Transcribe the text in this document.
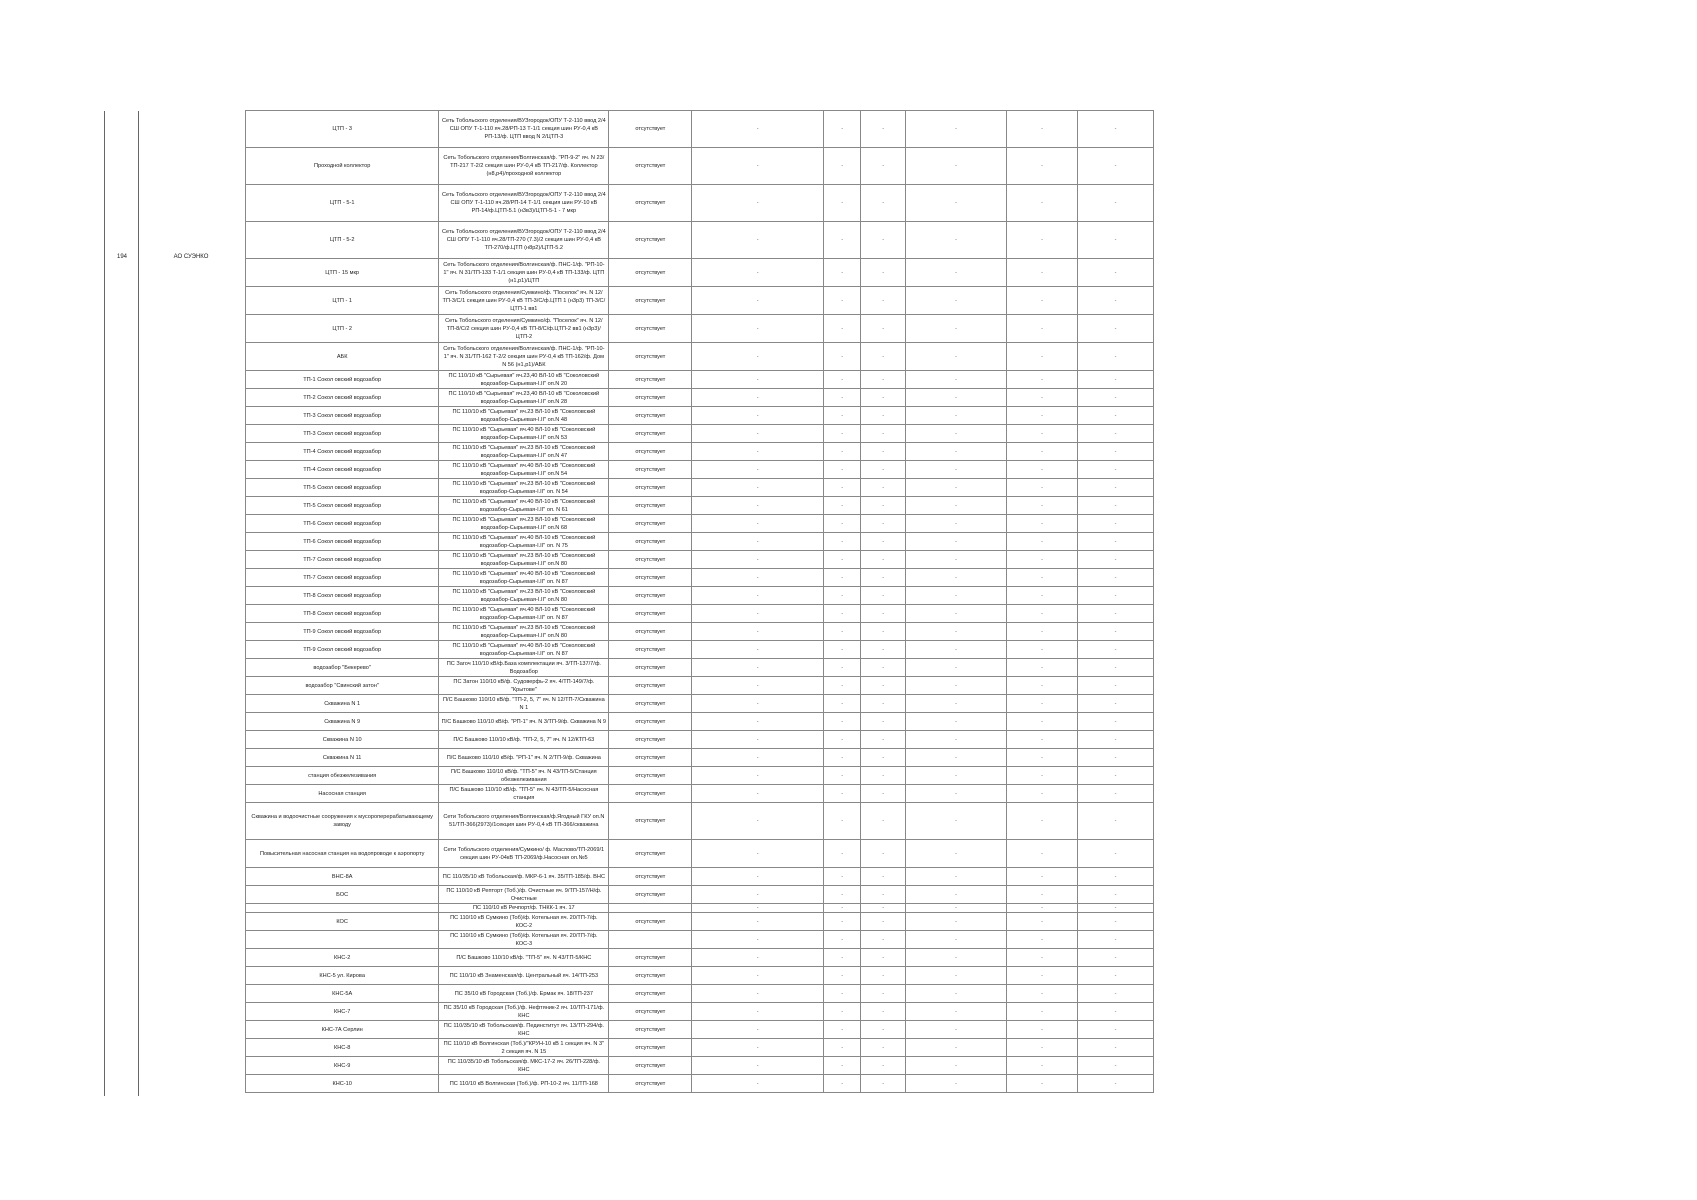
194	АО СУЭНКО
ЦТП - 3	Сеть Тобольского отделения/ВУЗгородок/ОПУ Т-2-110 ввод 2/4 СШ ОПУ Т-1-110 яч.28/РП-13 Т-1/1 секция шин РУ-0,4 кВ РП-13/ф. ЦТП ввод N 2/ЦТП-3	отсутствует	-	-	-	-	-	-
Проходной коллектор	Сеть Тобольского отделения/Волгинская/ф. "РП-9-2" яч. N 23/ТП-217 Т-2/2 секция шин РУ-0,4 кВ ТП-217/ф. Коллектор (н8,р4)/проходной коллектор	отсутствует	-	-	-	-	-	-
ЦТП - 5-1	Сеть Тобольского отделения/ВУЗгородок/ОПУ Т-2-110 ввод 2/4 СШ ОПУ Т-1-110 яч.28/РП-14 Т-1/1 секция шин РУ-10 кВ РП-14/ф.ЦТП-5.1 (н3в3)/ЦТП-5-1 - 7 мкр	отсутствует	-	-	-	-	-	-
ЦТП - 5-2	Сеть Тобольского отделения/ВУЗгородок/ОПУ Т-2-110 ввод 2/4 СШ ОПУ Т-1-110 яч.28/ТП-270 (7.3)/2 секция шин РУ-0,4 кВ ТП-270/ф.ЦТП (н8р2)/ЦТП-5.2	отсутствует	-	-	-	-	-	-
ЦТП - 15 мкр	Сеть Тобольского отделения/Волгинская/ф. ПНС-1/ф. "РП-10-1" яч. N 31/ТП-133 Т-1/1 секция шин РУ-0,4 кВ ТП-133/ф. ЦТП (н1,р1)/ЦТП	отсутствует	-	-	-	-	-	-
ЦТП - 1	Сеть Тобольского отделения/Сумкино/ф. "Поселок" яч. N 12/ТП-3/С/1 секция шин РУ-0,4 кВ ТП-3/С/ф.ЦТП 1 (н3р3) ТП-3/С/ЦТП-1 вв1	отсутствует	-	-	-	-	-	-
ЦТП - 2	Сеть Тобольского отделения/Сумкино/ф. "Поселок" яч. N 12/ТП-8/С/2 секция шин РУ-0,4 кВ ТП-8/С/ф.ЦТП-2 вв1 (н3р3)/ЦТП-2	отсутствует	-	-	-	-	-	-
АБК	Сеть Тобольского отделения/Волгинская/ф. ПНС-1/ф. "РП-10-1" яч. N 31/ТП-162 Т-2/2 секция шин РУ-0,4 кВ ТП-162/ф. Дом N 56 (н1,р1)/АБК	отсутствует	-	-	-	-	-	-
ТП-1 Сокол овский водозабор	ПС 110/10 кВ "Сырьевая" яч.23,40 ВЛ-10 кВ "Соколовский водозабор-Сырьевая-I.II" оп.N 20	отсутствует	-	-	-	-	-	-
ТП-2 Сокол овский водозабор	ПС 110/10 кВ "Сырьевая" яч.23,40 ВЛ-10 кВ "Соколовский водозабор-Сырьевая-I.II" оп.N 28	отсутствует	-	-	-	-	-	-
ТП-3 Сокол овский водозабор	ПС 110/10 кВ "Сырьевая" яч.23 ВЛ-10 кВ "Соколовский водозабор-Сырьевая-I.II" оп.N 48	отсутствует	-	-	-	-	-	-
ТП-3 Сокол овский водозабор	ПС 110/10 кВ "Сырьевая" яч.40 ВЛ-10 кВ "Соколовский водозабор-Сырьевая-I.II" оп.N 53	отсутствует	-	-	-	-	-	-
ТП-4 Сокол овский водозабор	ПС 110/10 кВ "Сырьевая" яч.23 ВЛ-10 кВ "Соколовский водозабор-Сырьевая-I.II" оп.N 47	отсутствует	-	-	-	-	-	-
ТП-4 Сокол овский водозабор	ПС 110/10 кВ "Сырьевая" яч.40 ВЛ-10 кВ "Соколовский водозабор-Сырьевая-I.II" оп.N 54	отсутствует	-	-	-	-	-	-
ТП-5 Сокол овский водозабор	ПС 110/10 кВ "Сырьевая" яч.23 ВЛ-10 кВ "Соколовский водозабор-Сырьевая-I.II" оп. N 54	отсутствует	-	-	-	-	-	-
ТП-5 Сокол овский водозабор	ПС 110/10 кВ "Сырьевая" яч.40 ВЛ-10 кВ "Соколовский водозабор-Сырьевая-I.II" оп. N 61	отсутствует	-	-	-	-	-	-
ТП-6 Сокол овский водозабор	ПС 110/10 кВ "Сырьевая" яч.23 ВЛ-10 кВ "Соколовский водозабор-Сырьевая-I.II" оп.N 68	отсутствует	-	-	-	-	-	-
ТП-6 Сокол овский водозабор	ПС 110/10 кВ "Сырьевая" яч.40 ВЛ-10 кВ "Соколовский водозабор-Сырьевая-I.II" оп. N 75	отсутствует	-	-	-	-	-	-
ТП-7 Сокол овский водозабор	ПС 110/10 кВ "Сырьевая" яч.23 ВЛ-10 кВ "Соколовский водозабор-Сырьевая-I.II" оп.N 80	отсутствует	-	-	-	-	-	-
ТП-7 Сокол овский водозабор	ПС 110/10 кВ "Сырьевая" яч.40 ВЛ-10 кВ "Соколовский водозабор-Сырьевая-I.II" оп. N 87	отсутствует	-	-	-	-	-	-
ТП-8 Сокол овский водозабор	ПС 110/10 кВ "Сырьевая" яч.23 ВЛ-10 кВ "Соколовский водозабор-Сырьевая-I.II" оп.N 80	отсутствует	-	-	-	-	-	-
ТП-8 Сокол овский водозабор	ПС 110/10 кВ "Сырьевая" яч.40 ВЛ-10 кВ "Соколовский водозабор-Сырьевая-I.II" оп. N 87	отсутствует	-	-	-	-	-	-
ТП-9 Сокол овский водозабор	ПС 110/10 кВ "Сырьевая" яч.23 ВЛ-10 кВ "Соколовский водозабор-Сырьевая-I.II" оп.N 80	отсутствует	-	-	-	-	-	-
ТП-9 Сокол овский водозабор	ПС 110/10 кВ "Сырьевая" яч.40 ВЛ-10 кВ "Соколовский водозабор-Сырьевая-I.II" оп. N 87	отсутствует	-	-	-	-	-	-
водозабор "Бекерево"	ПС Загоч 110/10 кВ/ф.База комплектации яч. 3/ТП-137/7/ф. Водозабор	отсутствует	-	-	-	-	-	-
водозабор "Свинский затон"	ПС Затон 110/10 кВ/ф. Судоверфь-2 яч. 4/ТП-149/7/ф. "Крытове"	отсутствует	-	-	-	-	-	-
Скважина N 1	П/С Башково 110/10 кВ/ф. "ТП-2, 5, 7" яч. N 12/ТП-7/Скважина N 1	отсутствует	-	-	-	-	-	-
Скважина N 9	П/С Башково 110/10 кВ/ф. "РП-1" яч. N 3/ТП-9/ф. Скважина N 9	отсутствует	-	-	-	-	-	-
Скважина N 10	П/С Башково 110/10 кВ/ф. "ТП-2, 5, 7" яч. N 12/КТП-63	отсутствует	-	-	-	-	-	-
Скважина N 11	П/С Башково 110/10 кВ/ф. "РП-1" яч. N 2/ТП-9/ф. Скважина	отсутствует	-	-	-	-	-	-
станция обезжелезивания	П/С Башково 110/10 кВ/ф. "ТП-5" яч. N 43/ТП-5/Станция обезжелезивания	отсутствует	-	-	-	-	-	-
Насосная станция	П/С Башково 110/10 кВ/ф. "ТП-5" яч. N 43/ТП-5/Насосная станция	отсутствует	-	-	-	-	-	-
Скважина и водоочистные сооружения к мусороперерабатывающему заводу	Сети Тобольского отделения/Волгинская/ф.Ягодный ГКУ оп.N 51/ТП-366(2973)/1секция шин РУ-0,4 кВ ТП-366/скважина	отсутствует	-	-	-	-	-	-
Повысительная насосная станция на водопроводе к аэропорту	Сети Тобольского отделения/Сумкино/ ф. Маслово/ТП-2069/1 секция шин РУ-04кВ ТП-2069/ф.Насосная оп.№5	отсутствует	-	-	-	-	-	-
ВНС-8А	ПС 110/35/10 кВ Тобольская/ф. МКР-6-1 яч. 35/ТП-185/ф. ВНС	отсутствует	-	-	-	-	-	-
БОС	ПС 110/10 кВ Рептоpт (Тоб.)/ф. Очистные яч. 9/ТП-157/Н/ф. Очистные	отсутствует	-	-	-	-	-	-
	ПС 110/10 кВ Речпорт/ф. ТНКК-1 яч. 17		-	-	-	-	-	-
КОС	ПС 110/10 кВ Сумкино (Тоб)/ф. Котельная яч. 20/ТП-7/ф. КОС-2	отсутствует	-	-	-	-	-	-
	ПС 110/10 кВ Сумкино (Тоб)/ф. Котельная яч. 20/ТП-7/ф. КОС-3		-	-	-	-	-	-
КНС-2	П/С Башково 110/10 кВ/ф. "ТП-5" яч. N 43/ТП-5/КНС	отсутствует	-	-	-	-	-	-
КНС-5 ул. Кирова	ПС 110/10 кВ Знаменская/ф. Центральный яч. 14/ТП-253	отсутствует	-	-	-	-	-	-
КНС-5А	ПС 35/10 кВ Городская (Тоб.)/ф. Ермак яч. 18/ТП-237	отсутствует	-	-	-	-	-	-
КНС-7	ПС 35/10 кВ Городская (Тоб.)/ф. Нефтяник-2 яч. 10/ТП-171/ф. КНС	отсутствует	-	-	-	-	-	-
КНС-7А Серлин	ПС 110/35/10 кВ Тобольская/ф. Пединститут яч. 13/ТП-294/ф. КНС	отсутствует	-	-	-	-	-	-
КНС-8	ПС 110/10 кВ Волгинская (Тоб.)/"КРУН-10 кВ 1 секция яч. N 3" 2 секция яч. N 15	отсутствует	-	-	-	-	-	-
КНС-9	ПС 110/35/10 кВ Тобольская/ф. МКС-17-2 яч. 26/ТП-228/ф. КНС	отсутствует	-	-	-	-	-	-
КНС-10	ПС 110/10 кВ Волгинская (Тоб.)/ф. РП-10-2 яч. 11/ТП-168	отсутствует	-	-	-	-	-	-
